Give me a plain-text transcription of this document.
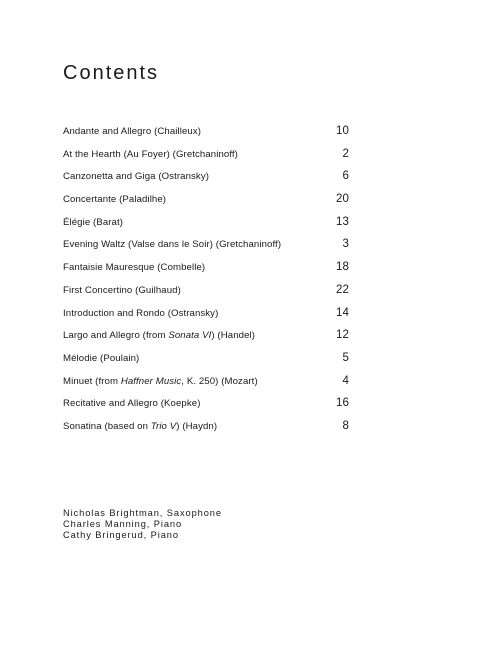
Contents
Andante and Allegro (Chailleux)	10
At the Hearth (Au Foyer) (Gretchaninoff)	2
Canzonetta and Giga (Ostransky)	6
Concertante (Paladilhe)	20
Élégie (Barat)	13
Evening Waltz (Valse dans le Soir) (Gretchaninoff)	3
Fantaisie Mauresque (Combelle)	18
First Concertino (Guilhaud)	22
Introduction and Rondo (Ostransky)	14
Largo and Allegro (from Sonata VI) (Handel)	12
Mélodie (Poulain)	5
Minuet (from Haffner Music, K. 250) (Mozart)	4
Recitative and Allegro (Koepke)	16
Sonatina (based on Trio V) (Haydn)	8
Nicholas Brightman, Saxophone
Charles Manning, Piano
Cathy Bringerud, Piano
